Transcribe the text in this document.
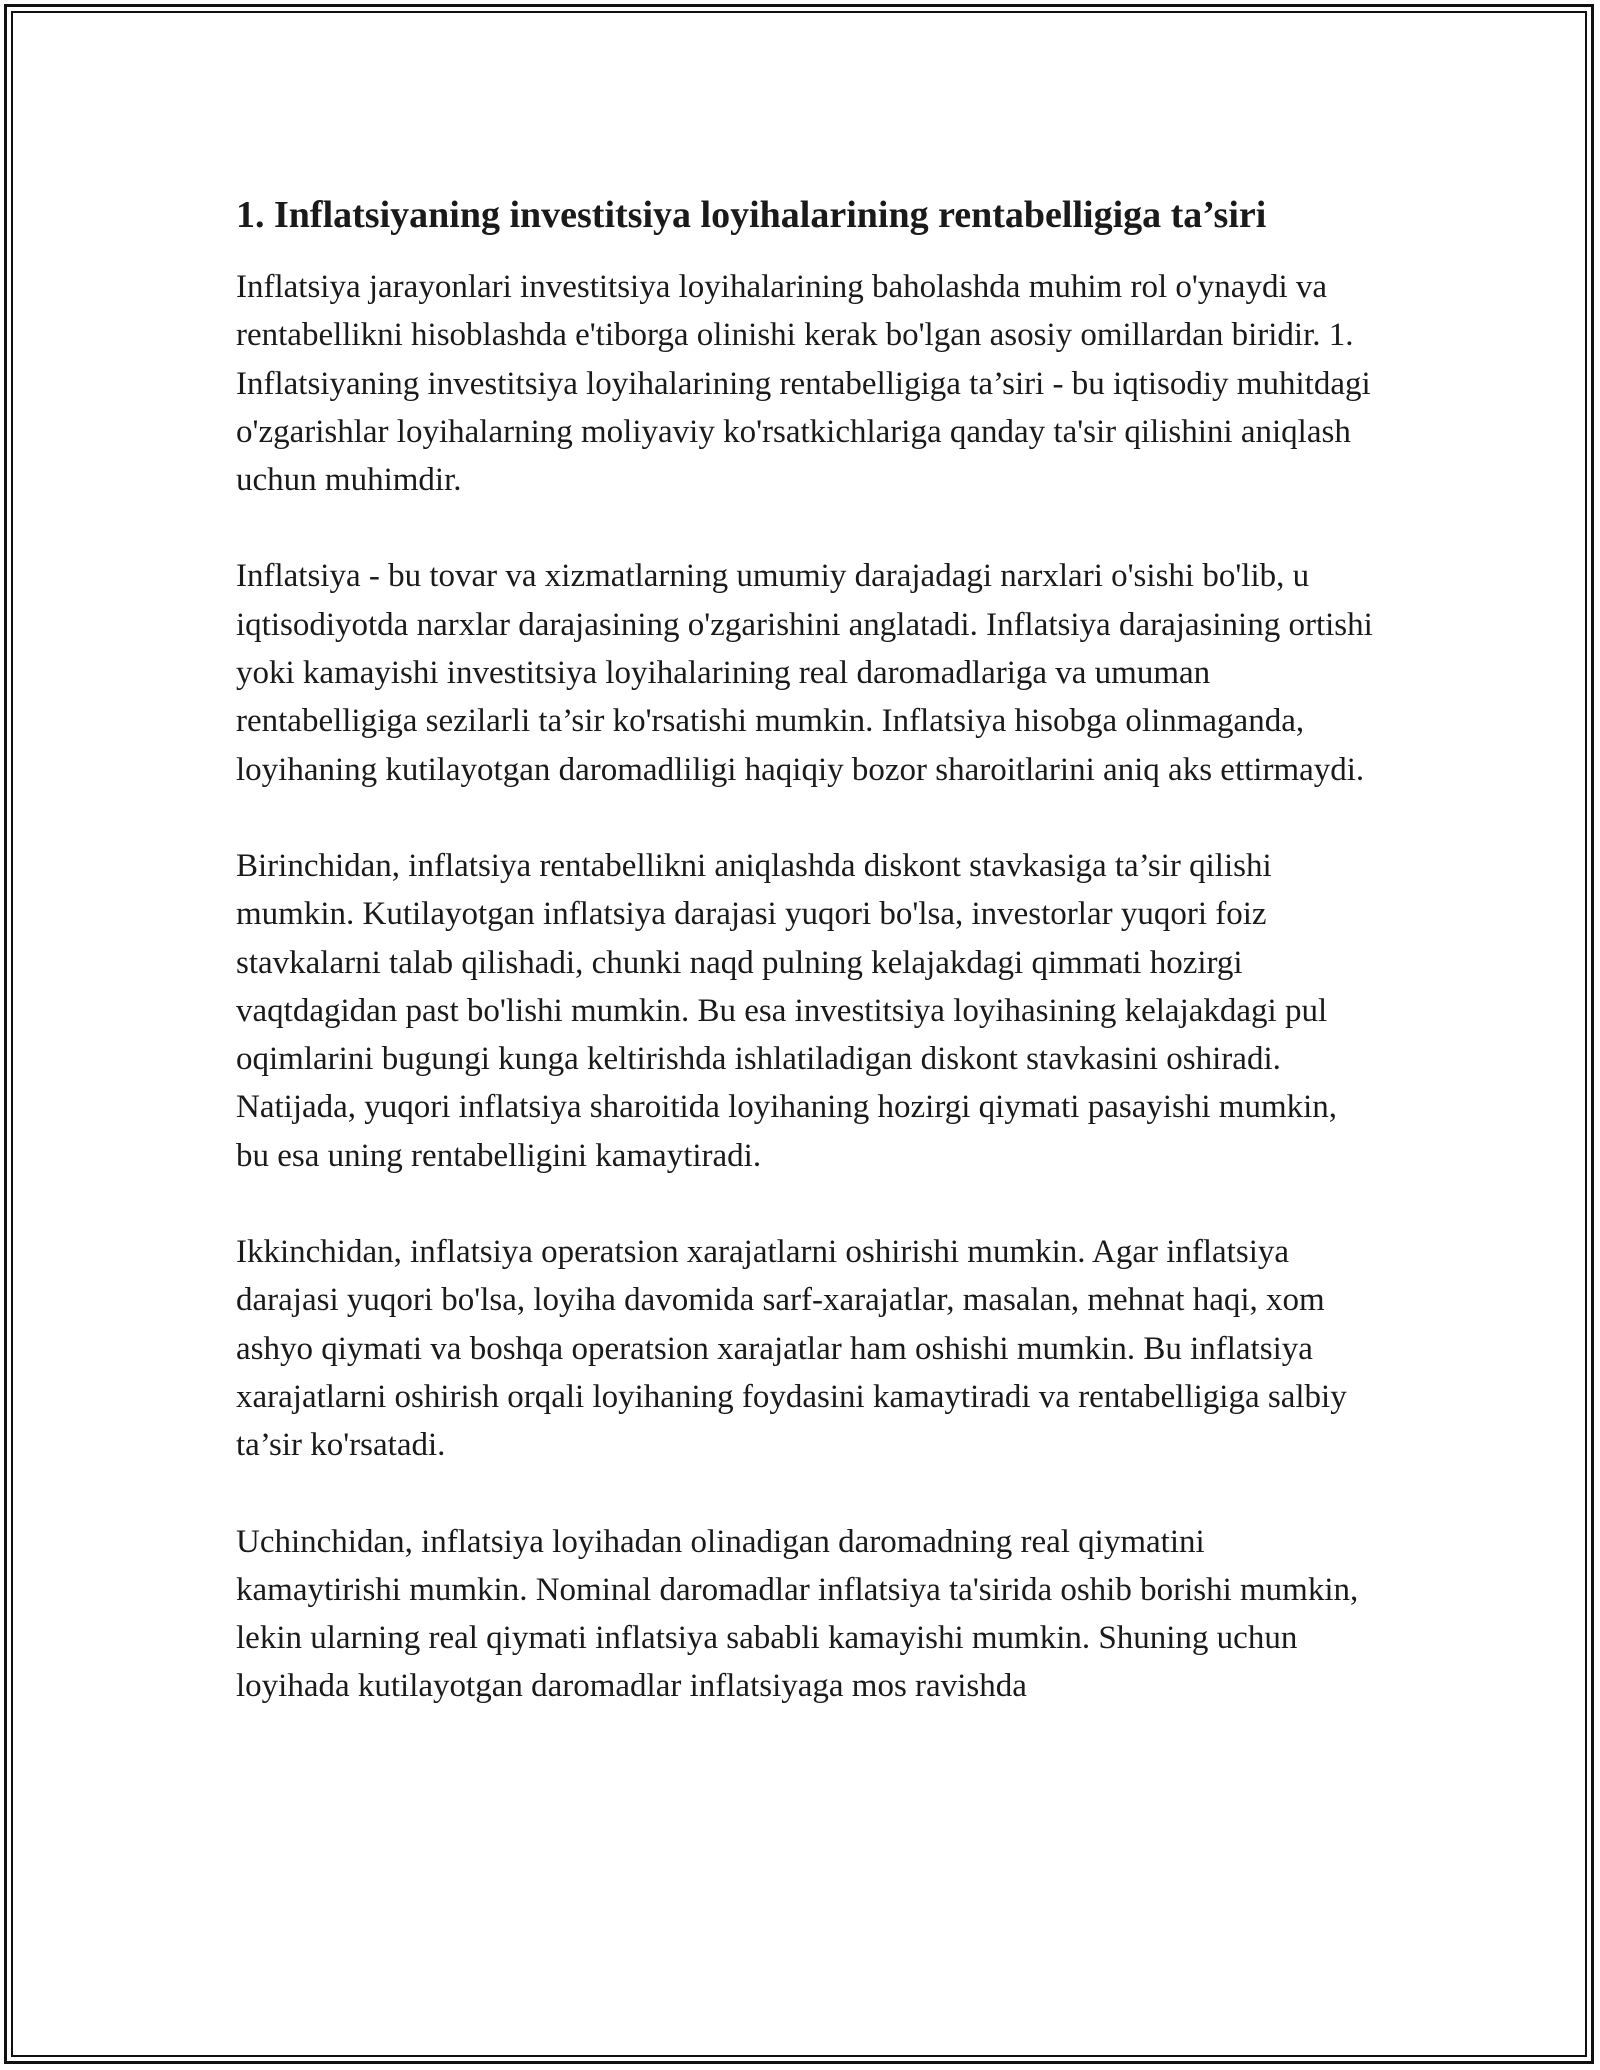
1. Inflatsiyaning investitsiya loyihalarining rentabelligiga ta’siri

Inflatsiya jarayonlari investitsiya loyihalarining baholashda muhim rol o'ynaydi va rentabellikni hisoblashda e'tiborga olinishi kerak bo'lgan asosiy omillardan biridir. 1. Inflatsiyaning investitsiya loyihalarining rentabelligiga ta’siri - bu iqtisodiy muhitdagi o'zgarishlar loyihalarning moliyaviy ko'rsatkichlariga qanday ta'sir qilishini aniqlash uchun muhimdir.

Inflatsiya - bu tovar va xizmatlarning umumiy darajadagi narxlari o'sishi bo'lib, u iqtisodiyotda narxlar darajasining o'zgarishini anglatadi. Inflatsiya darajasining ortishi yoki kamayishi investitsiya loyihalarining real daromadlariga va umuman rentabelligiga sezilarli ta’sir ko'rsatishi mumkin. Inflatsiya hisobga olinmaganda, loyihaning kutilayotgan daromadliligi haqiqiy bozor sharoitlarini aniq aks ettirmaydi.

Birinchidan, inflatsiya rentabellikni aniqlashda diskont stavkasiga ta’sir qilishi mumkin. Kutilayotgan inflatsiya darajasi yuqori bo'lsa, investorlar yuqori foiz stavkalarni talab qilishadi, chunki naqd pulning kelajakdagi qimmati hozirgi vaqtdagidan past bo'lishi mumkin. Bu esa investitsiya loyihasining kelajakdagi pul oqimlarini bugungi kunga keltirishda ishlatiladigan diskont stavkasini oshiradi. Natijada, yuqori inflatsiya sharoitida loyihaning hozirgi qiymati pasayishi mumkin, bu esa uning rentabelligini kamaytiradi.

Ikkinchidan, inflatsiya operatsion xarajatlarni oshirishi mumkin. Agar inflatsiya darajasi yuqori bo'lsa, loyiha davomida sarf-xarajatlar, masalan, mehnat haqi, xom ashyo qiymati va boshqa operatsion xarajatlar ham oshishi mumkin. Bu inflatsiya xarajatlarni oshirish orqali loyihaning foydasini kamaytiradi va rentabelligiga salbiy ta’sir ko'rsatadi.

Uchinchidan, inflatsiya loyihadan olinadigan daromadning real qiymatini kamaytirishi mumkin. Nominal daromadlar inflatsiya ta'sirida oshib borishi mumkin, lekin ularning real qiymati inflatsiya sababli kamayishi mumkin. Shuning uchun loyihada kutilayotgan daromadlar inflatsiyaga mos ravishda
